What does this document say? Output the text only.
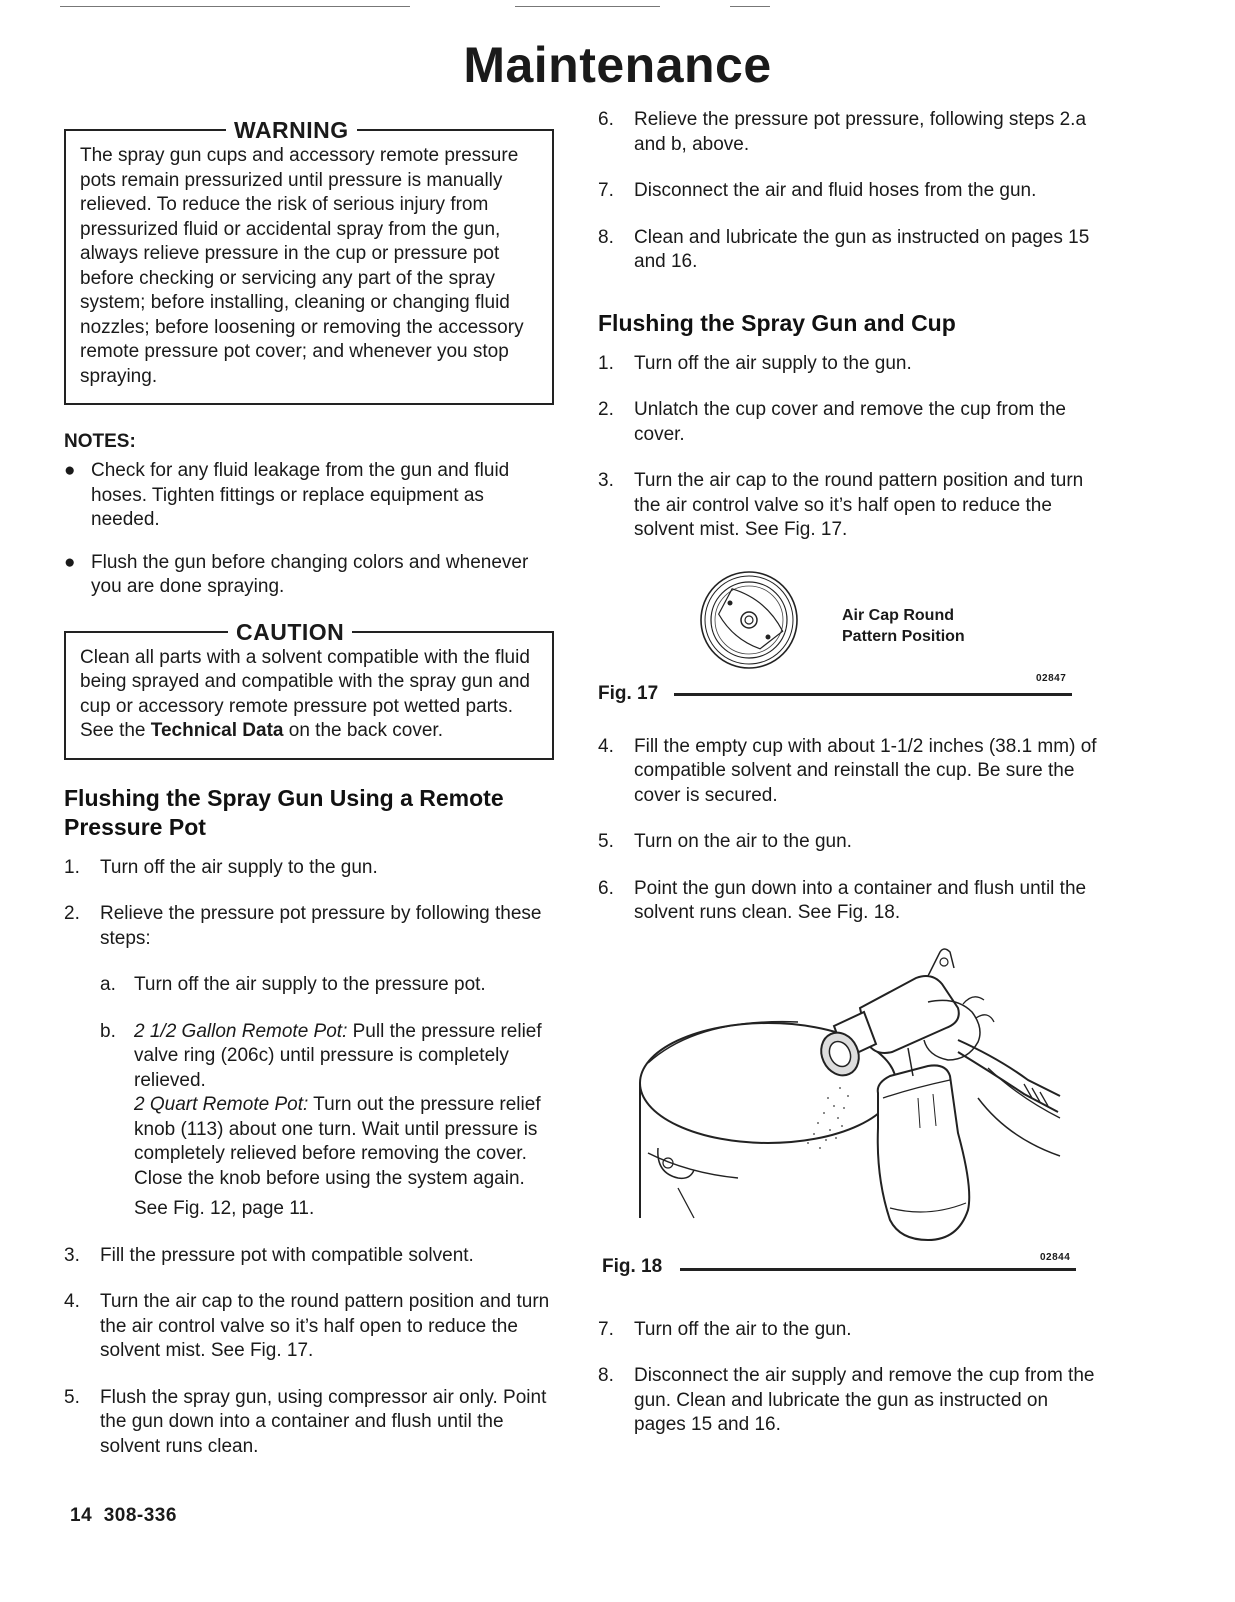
Maintenance
WARNING
The spray gun cups and accessory remote pressure pots remain pressurized until pressure is manually relieved. To reduce the risk of serious injury from pressurized fluid or accidental spray from the gun, always relieve pressure in the cup or pressure pot before checking or servicing any part of the spray system; before installing, cleaning or changing fluid nozzles; before loosening or removing the accessory remote pressure pot cover; and whenever you stop spraying.
NOTES:
● Check for any fluid leakage from the gun and fluid hoses. Tighten fittings or replace equipment as needed.
● Flush the gun before changing colors and whenever you are done spraying.
CAUTION
Clean all parts with a solvent compatible with the fluid being sprayed and compatible with the spray gun and cup or accessory remote pressure pot wetted parts. See the Technical Data on the back cover.
Flushing the Spray Gun Using a Remote Pressure Pot
1.	Turn off the air supply to the gun.
2.	Relieve the pressure pot pressure by following these steps:
a. Turn off the air supply to the pressure pot.
b. 2 1/2 Gallon Remote Pot: Pull the pressure relief valve ring (206c) until pressure is completely relieved.
2 Quart Remote Pot: Turn out the pressure relief knob (113) about one turn. Wait until pressure is completely relieved before removing the cover. Close the knob before using the system again.
See Fig. 12, page 11.
3.	Fill the pressure pot with compatible solvent.
4.	Turn the air cap to the round pattern position and turn the air control valve so it’s half open to reduce the solvent mist. See Fig. 17.
5.	Flush the spray gun, using compressor air only. Point the gun down into a container and flush until the solvent runs clean.
6.	Relieve the pressure pot pressure, following steps 2.a and b, above.
7.	Disconnect the air and fluid hoses from the gun.
8.	Clean and lubricate the gun as instructed on pages 15 and 16.
Flushing the Spray Gun and Cup
1.	Turn off the air supply to the gun.
2.	Unlatch the cup cover and remove the cup from the cover.
3.	Turn the air cap to the round pattern position and turn the air control valve so it’s half open to reduce the solvent mist. See Fig. 17.
Air Cap Round
Pattern Position
02847
Fig. 17
4.	Fill the empty cup with about 1-1/2 inches (38.1 mm) of compatible solvent and reinstall the cup. Be sure the cover is secured.
5.	Turn on the air to the gun.
6.	Point the gun down into a container and flush until the solvent runs clean. See Fig. 18.
Fig. 18	02844
7.	Turn off the air to the gun.
8.	Disconnect the air supply and remove the cup from the gun. Clean and lubricate the gun as instructed on pages 15 and 16.
14  308-336
